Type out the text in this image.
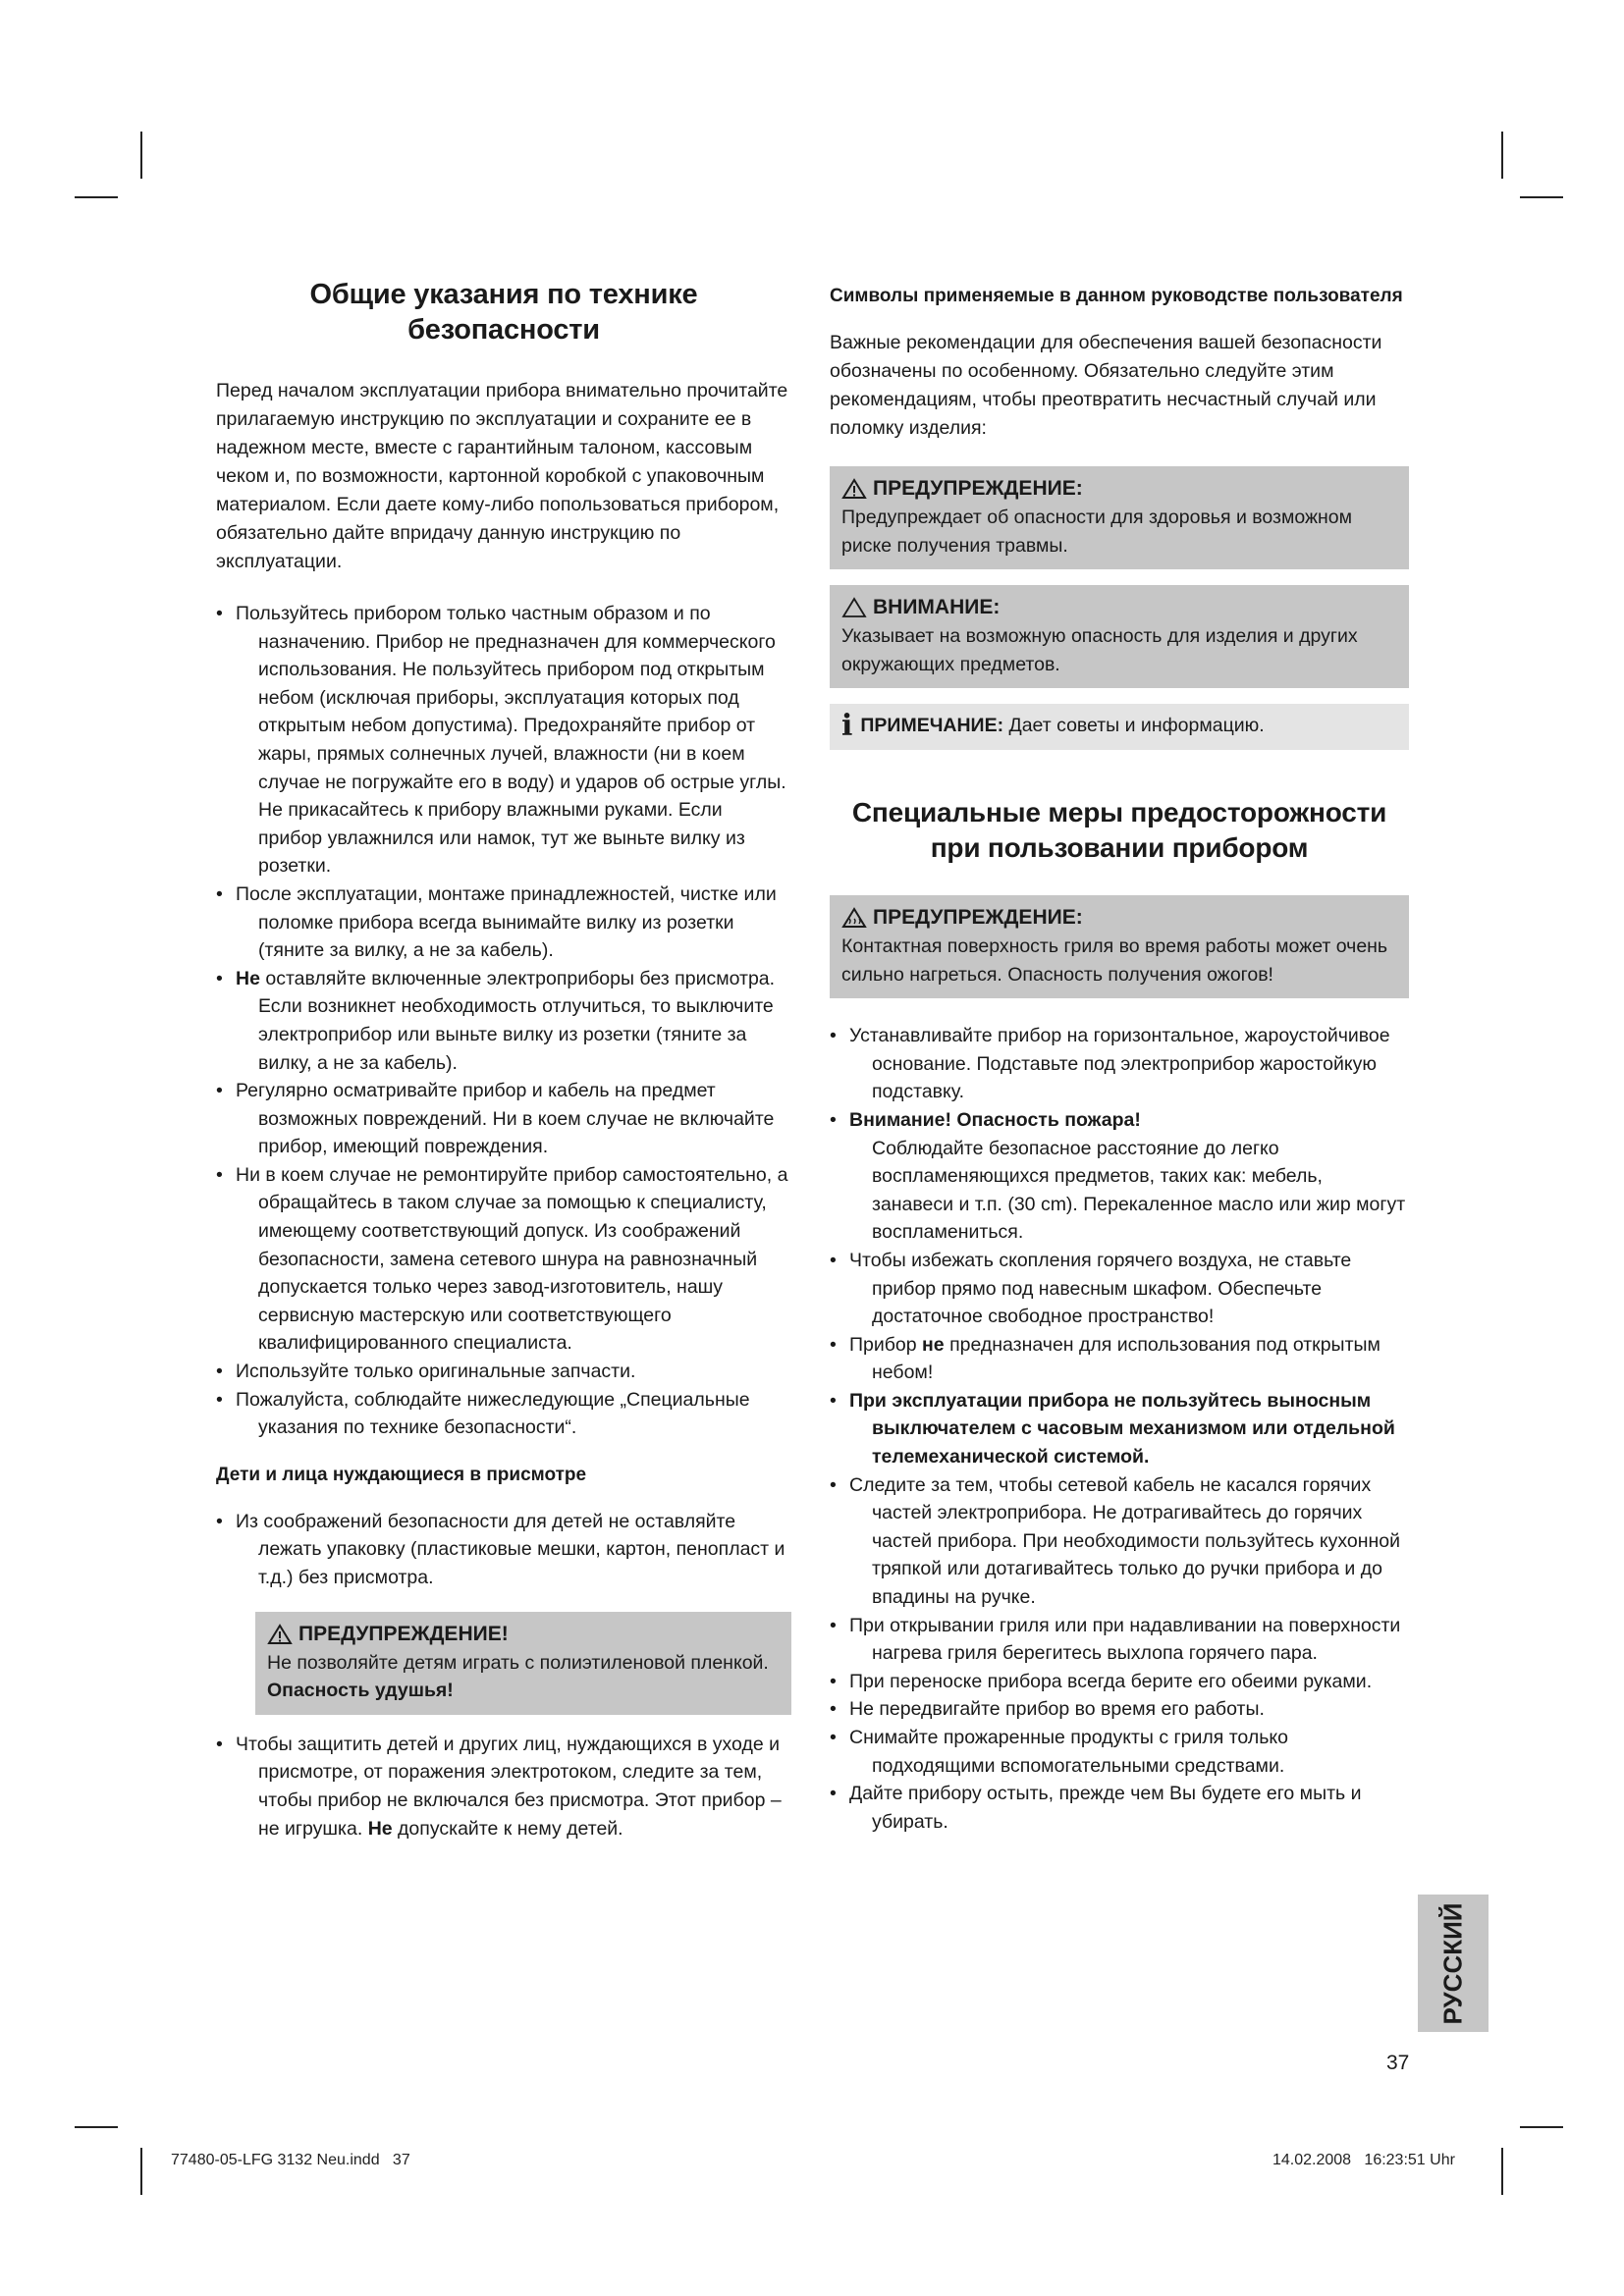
Общие указания по технике безопасности

Перед началом эксплуатации прибора внимательно прочитайте прилагаемую инструкцию по эксплуатации и сохраните ее в надежном месте, вместе с гарантийным талоном, кассовым чеком и, по возможности, картонной коробкой с упаковочным материалом. Если даете кому-либо попользоваться прибором, обязательно дайте впридачу данную инструкцию по эксплуатации.

• Пользуйтесь прибором только частным образом и по назначению. Прибор не предназначен для коммерческого использования. Не пользуйтесь прибором под открытым небом (исключая приборы, эксплуатация которых под открытым небом допустима). Предохраняйте прибор от жары, прямых солнечных лучей, влажности (ни в коем случае не погружайте его в воду) и ударов об острые углы. Не прикасайтесь к прибору влажными руками. Если прибор увлажнился или намок, тут же выньте вилку из розетки.
• После эксплуатации, монтаже принадлежностей, чистке или поломке прибора всегда вынимайте вилку из розетки (тяните за вилку, а не за кабель).
• Не оставляйте включенные электроприборы без присмотра. Если возникнет необходимость отлучиться, то выключите электроприбор или выньте вилку из розетки (тяните за вилку, а не за кабель).
• Регулярно осматривайте прибор и кабель на предмет возможных повреждений. Ни в коем случае не включайте прибор, имеющий повреждения.
• Ни в коем случае не ремонтируйте прибор самостоятельно, а обращайтесь в таком случае за помощью к специалисту, имеющему соответствующий допуск. Из соображений безопасности, замена сетевого шнура на равнозначный допускается только через завод-изготовитель, нашу сервисную мастерскую или соответствующего квалифицированного специалиста.
• Используйте только оригинальные запчасти.
• Пожалуйста, соблюдайте нижеследующие „Специальные указания по технике безопасности“.
Дети и лица нуждающиеся в присмотре
• Из соображений безопасности для детей не оставляйте лежать упаковку (пластиковые мешки, картон, пенопласт и т.д.) без присмотра.
ПРЕДУПРЕЖДЕНИЕ!
Не позволяйте детям играть с полиэтиленовой пленкой. Опасность удушья!
• Чтобы защитить детей и других лиц, нуждающихся в уходе и присмотре, от поражения электротоком, следите за тем, чтобы прибор не включался без присмотра. Этот прибор – не игрушка. Не допускайте к нему детей.
Символы применяемые в данном руководстве пользователя

Важные рекомендации для обеспечения вашей безопасности обозначены по особенному. Обязательно следуйте этим рекомендациям, чтобы преотвратить несчастный случай или поломку изделия:

ПРЕДУПРЕЖДЕНИЕ:
Предупреждает об опасности для здоровья и возможном риске получения травмы.
ВНИМАНИЕ:
Указывает на возможную опасность для изделия и других окружающих предметов.
i ПРИМЕЧАНИЕ: Дает советы и информацию.
Специальные меры предосторожности при пользовании прибором
ПРЕДУПРЕЖДЕНИЕ:
Контактная поверхность гриля во время работы может очень сильно нагреться. Опасность получения ожогов!
• Устанавливайте прибор на горизонтальное, жароустойчивое основание. Подставьте под электроприбор жаростойкую подставку.
• Внимание! Опасность пожара!
Соблюдайте безопасное расстояние до легко воспламеняющихся предметов, таких как: мебель, занавеси и т.п. (30 cm). Перекаленное масло или жир могут воспламениться.
• Чтобы избежать скопления горячего воздуха, не ставьте прибор прямо под навесным шкафом. Обеспечьте достаточное свободное пространство!
• Прибор не предназначен для использования под открытым небом!
• При эксплуатации прибора не пользуйтесь выносным выключателем с часовым механизмом или отдельной телемеханической системой.
• Следите за тем, чтобы сетевой кабель не касался горячих частей электроприбора. Не дотрагивайтесь до горячих частей прибора. При необходимости пользуйтесь кухонной тряпкой или дотагивайтесь только до ручки прибора и до впадины на ручке.
• При открывании гриля или при надавливании на поверхности нагрева гриля берегитесь выхлопа горячего пара.
• При переноске прибора всегда берите его обеими руками.
• Не передвигайте прибор во время его работы.
• Снимайте прожаренные продукты с гриля только подходящими вспомогательными средствами.
• Дайте прибору остыть, прежде чем Вы будете его мыть и убирать.
РУССКИЙ
37
77480-05-LFG 3132 Neu.indd   37	14.02.2008   16:23:51 Uhr
